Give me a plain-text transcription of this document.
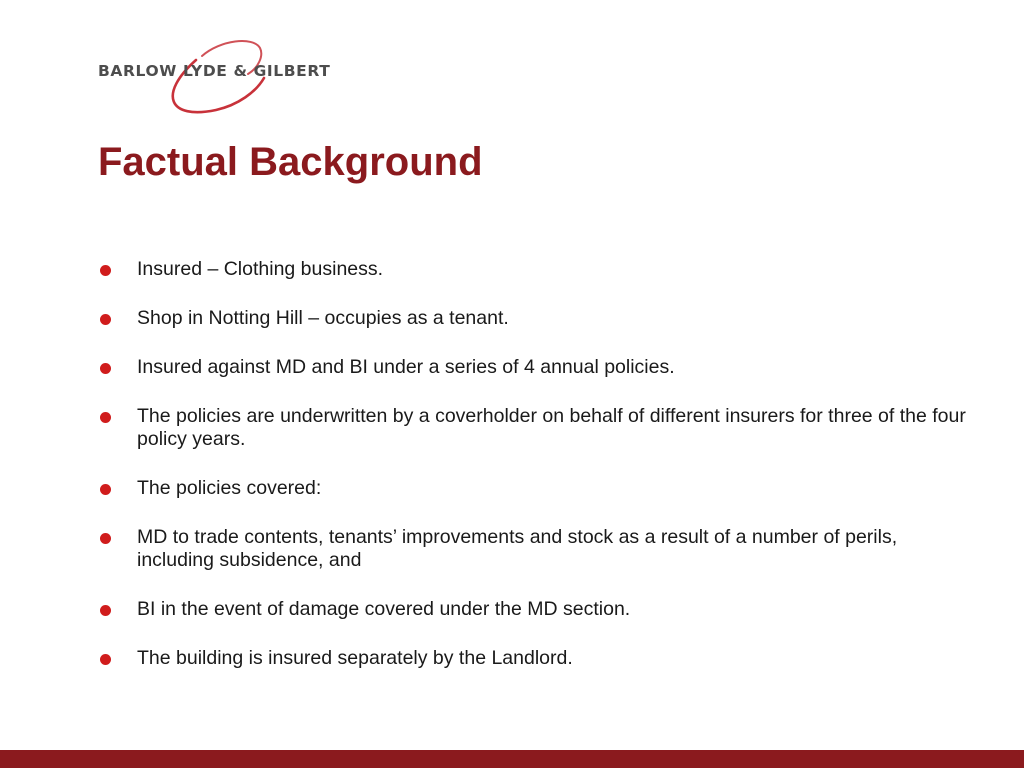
BARLOW LYDE & GILBERT
Factual Background
Insured – Clothing business.
Shop in Notting Hill – occupies as a tenant.
Insured against MD and BI under a series of 4 annual policies.
The policies are underwritten by a coverholder on behalf of different insurers for three of the four policy years.
The policies covered:
MD to trade contents, tenants’ improvements and stock as a result of a number of perils, including subsidence, and
BI in the event of damage covered under the MD section.
The building is insured separately by the Landlord.
